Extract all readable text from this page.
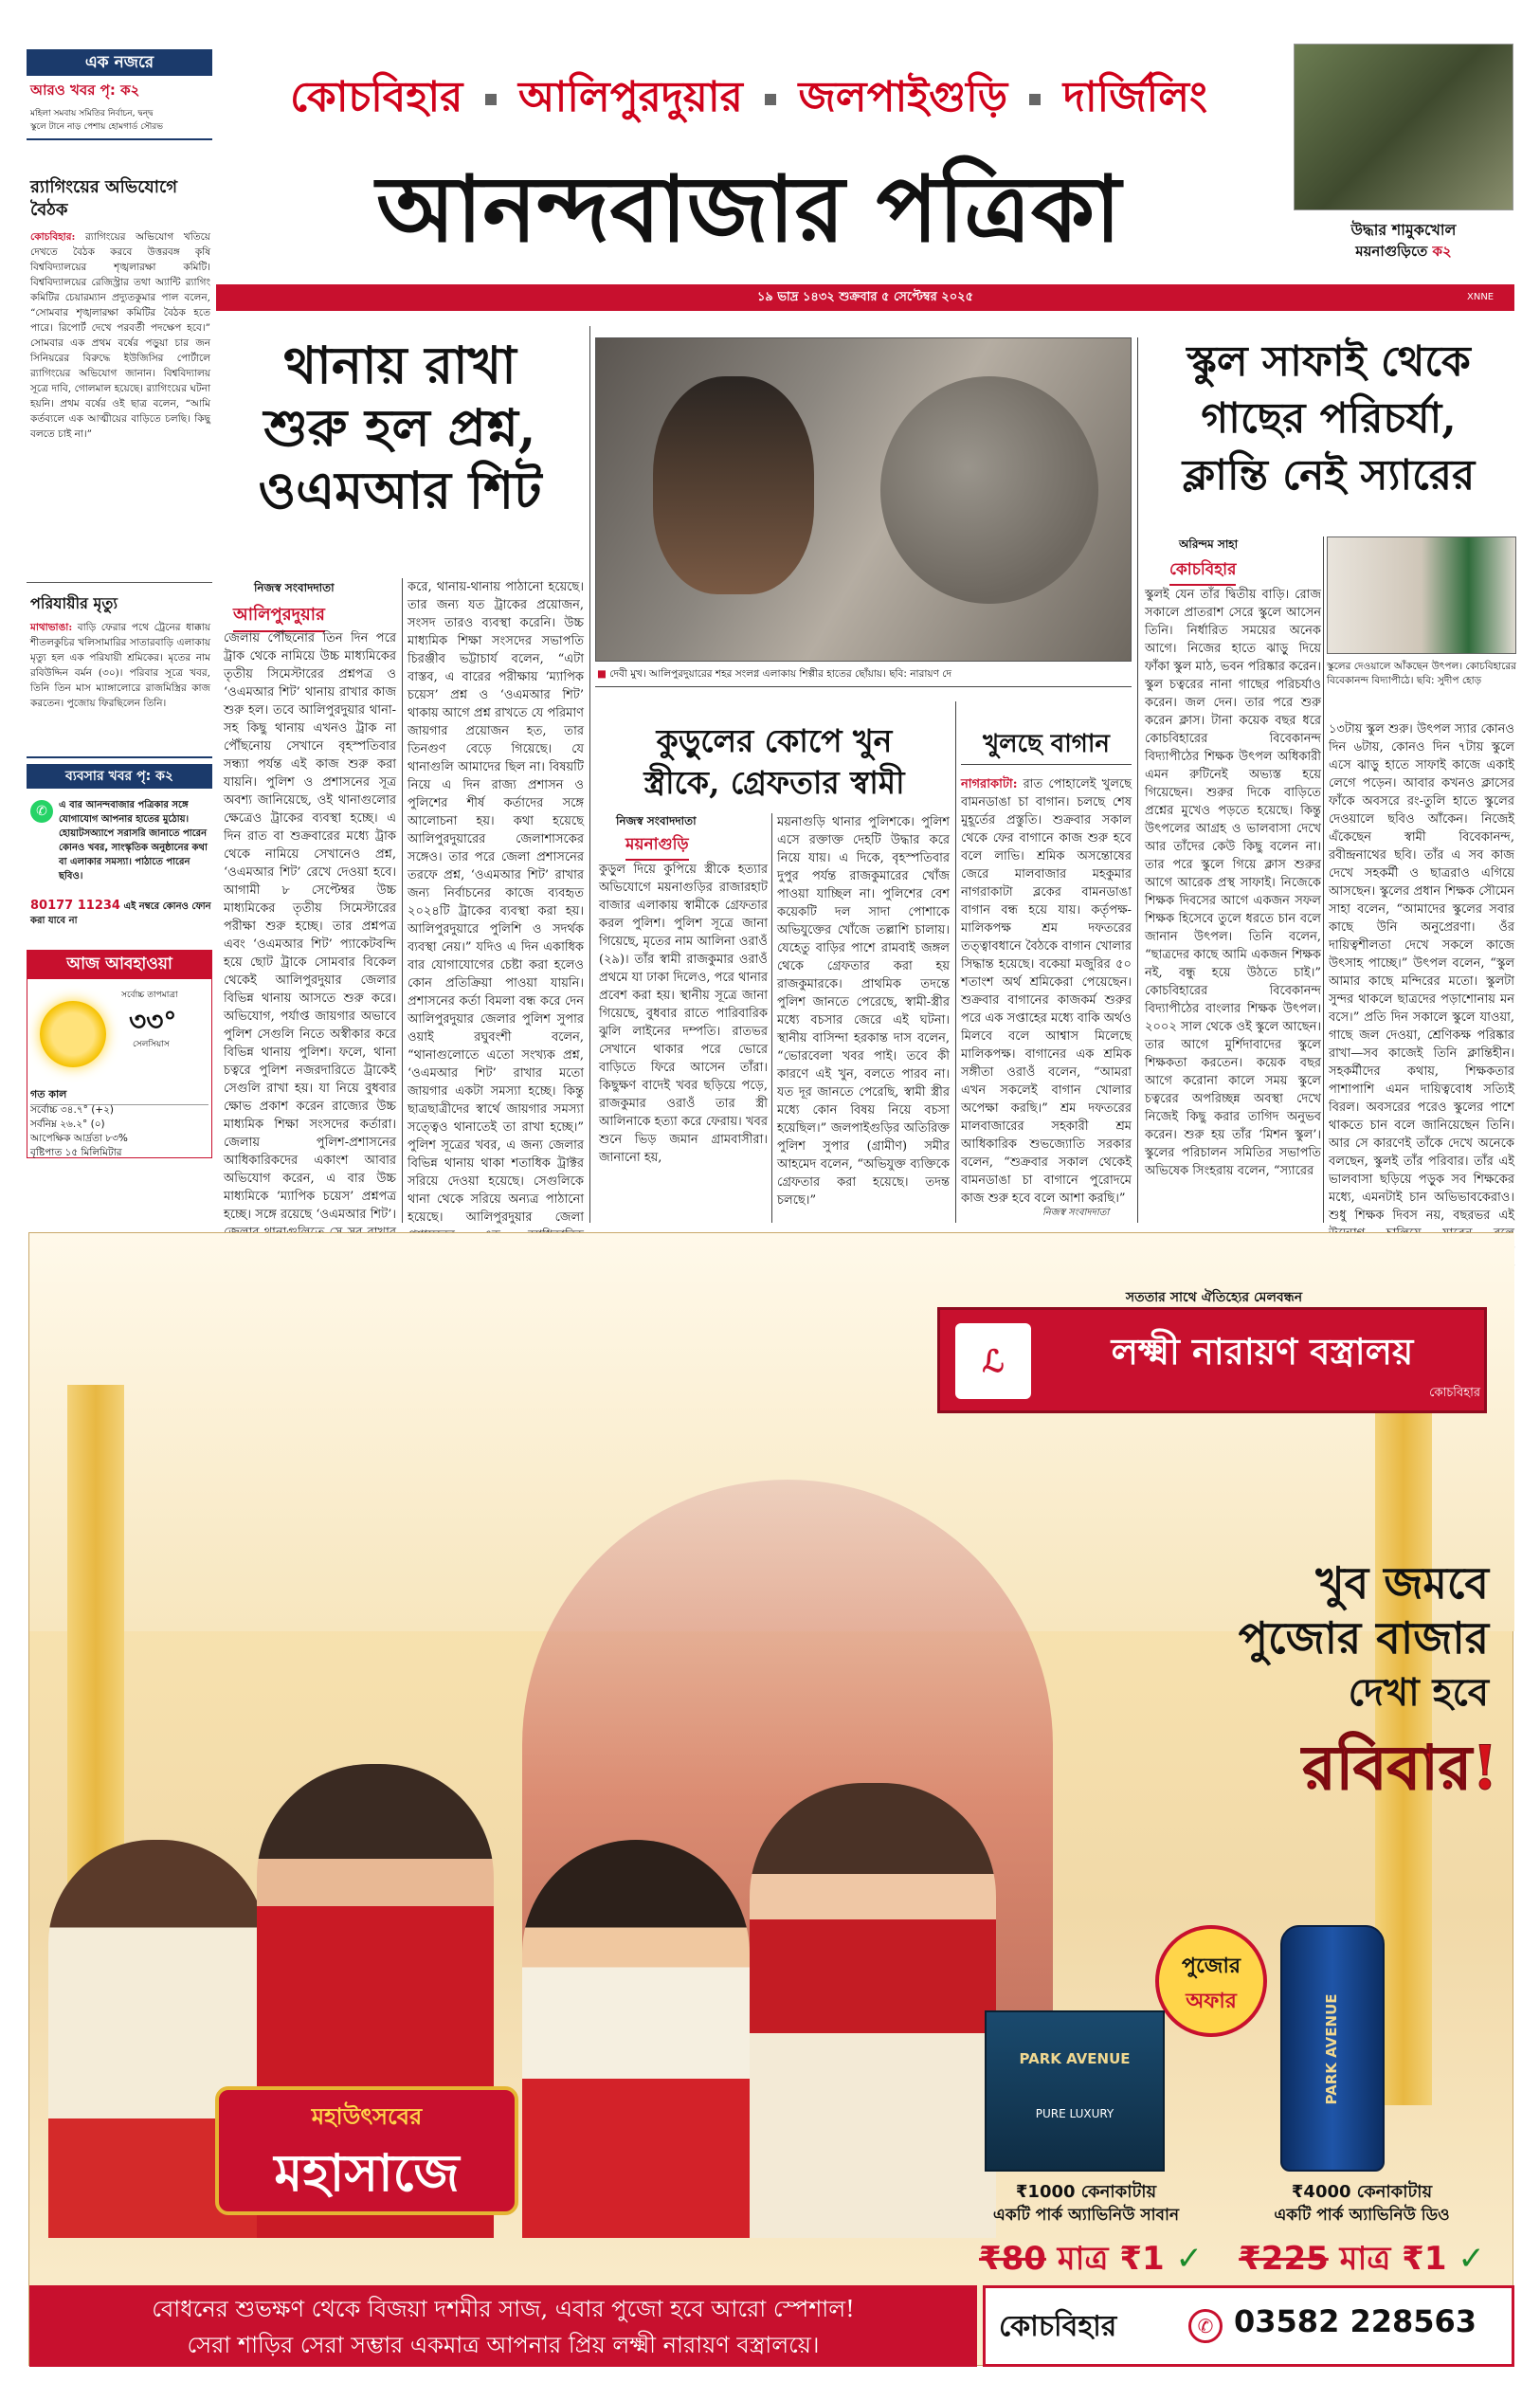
এক নজরে
আরও খবর পৃ: ক২
মহিলা সমবায় সমিতির নির্বাচন, দ্বন্দ্ব
স্কুলে টানে নাড় পেশায় হোমগার্ড সৌরভ
র‍্যাগিংয়ের অভিযোগে বৈঠক
কোচবিহার: র‍্যাগিংয়ের অভিযোগ খতিয়ে দেখতে বৈঠক করবে উত্তরবঙ্গ কৃষি বিশ্ববিদ্যালয়ের শৃঙ্খলারক্ষা কমিটি। বিশ্ববিদ্যালয়ের রেজিস্ট্রার তথা অ্যান্টি র‍্যাগিং কমিটির চেয়ারম্যান প্রদ্যুতকুমার পাল বলেন, “সোমবার শৃঙ্খলারক্ষা কমিটির বৈঠক হতে পারে। রিপোর্ট দেখে পরবর্তী পদক্ষেপ হবে।” সোমবার এক প্রথম বর্ষের পড়ুয়া চার জন সিনিয়রের বিরুদ্ধে ইউজিসির পোর্টালে র‍্যাগিংয়ের অভিযোগ জানান। বিশ্ববিদ্যালয় সূত্রে দাবি, গোলমাল হয়েছে। র‍্যাগিংয়ের ঘটনা হয়নি। প্রথম বর্ষের ওই ছাত্র বলেন, “আমি কর্তব্যলে এক আত্মীয়ের বাড়িতে চলছি। কিছু বলতে চাই না।”
পরিযায়ীর মৃত্যু
মাথাভাঙা: বাড়ি ফেরার পথে ট্রেনের ধাক্কায় শীতলকুচির খলিসামারির সাতারবাড়ি এলাকায় মৃত্যু হল এক পরিযায়ী শ্রমিকের। মৃতের নাম রবিউদ্দিন বর্মন (৩০)। পরিবার সূত্রে খবর, তিনি তিন মাস ম্যাঙ্গালোরে রাজমিস্ত্রির কাজ করতেন। পুজোয় ফিরছিলেন তিনি।
ব্যবসার খবর পৃ: ক২
✆	এ বার আনন্দবাজার পত্রিকার সঙ্গে যোগাযোগ আপনার হাতের মুঠোয়। হোয়াটসঅ্যাপে সরাসরি জানাতে পারেন কোনও খবর, সাংস্কৃতিক অনুষ্ঠানের কথা বা এলাকার সমস্যা। পাঠাতে পারেন ছবিও।
80177 11234 এই নম্বরে কোনও ফোন করা যাবে না
আজ আবহাওয়া
সর্বোচ্চ তাপমাত্রা
৩৩°
সেলসিয়াস
গত কাল
সর্বোচ্চ ৩৪.৭° (+২)
সর্বনিম্ন ২৬.২° (০)
আপেক্ষিক আর্দ্রতা ৮৩%
বৃষ্টিপাত ১৫ মিলিমিটার
কোচবিহার আলিপুরদুয়ার জলপাইগুড়ি দার্জিলিং
আনন্দবাজার পত্রিকা	উদ্ধার শামুকখোল
ময়নাগুড়িতে ক২
১৯ ভাদ্র ১৪৩২ শুক্রবার ৫ সেপ্টেম্বর ২০২৫	XNNE
থানায় রাখা
শুরু হল প্রশ্ন,
ওএমআর শিট
নিজস্ব সংবাদদাতা
আলিপুরদুয়ার
জেলায় পৌঁছনোর তিন দিন পরে ট্রাক থেকে নামিয়ে উচ্চ মাধ্যমিকের তৃতীয় সিমেস্টারের প্রশ্নপত্র ও ‘ওএমআর শিট’ থানায় রাখার কাজ শুরু হল। তবে আলিপুরদুয়ার থানা-সহ কিছু থানায় এখনও ট্রাক না পৌঁছনোয় সেখানে বৃহস্পতিবার সন্ধ্যা পর্যন্ত এই কাজ শুরু করা যায়নি। পুলিশ ও প্রশাসনের সূত্র অবশ্য জানিয়েছে, ওই থানাগুলোর ক্ষেত্রেও ট্রাকের ব্যবস্থা হচ্ছে। এ দিন রাত বা শুক্রবারের মধ্যে ট্রাক থেকে নামিয়ে সেখানেও প্রশ্ন, ‘ওএমআর শিট’ রেখে দেওয়া হবে। আগামী ৮ সেপ্টেম্বর উচ্চ মাধ্যমিকের তৃতীয় সিমেস্টারের পরীক্ষা শুরু হচ্ছে। তার প্রশ্নপত্র এবং ‘ওএমআর শিট’ প্যাকেটবন্দি হয়ে ছোট ট্রাকে সোমবার বিকেল থেকেই আলিপুরদুয়ার জেলার বিভিন্ন থানায় আসতে শুরু করে। অভিযোগ, পর্যাপ্ত জায়গার অভাবে পুলিশ সেগুলি নিতে অস্বীকার করে বিভিন্ন থানায় পুলিশ। ফলে, থানা চত্বরে পুলিশ নজরদারিতে ট্রাকেই সেগুলি রাখা হয়। যা নিয়ে বুধবার ক্ষোভ প্রকাশ করেন রাজ্যের উচ্চ মাধ্যমিক শিক্ষা সংসদের কর্তারা। জেলায় পুলিশ-প্রশাসনের আধিকারিকদের একাংশ আবার অভিযোগ করেন, এ বার উচ্চ মাধ্যমিকে ‘ম্যাপিক চয়েস’ প্রশ্নপত্র হচ্ছে। সঙ্গে রয়েছে ‘ওএমআর শিট’।
করে, থানায়-থানায় পাঠানো হয়েছে। তার জন্য যত ট্রাকের প্রয়োজন, সংসদ তারও ব্যবস্থা করেনি। উচ্চ মাধ্যমিক শিক্ষা সংসদের সভাপতি চিরঞ্জীব ভট্টাচার্য বলেন, “এটা বাস্তব, এ বারের পরীক্ষায় ‘ম্যাপিক চয়েস’ প্রশ্ন ও ‘ওএমআর শিট’ থাকায় আগে প্রশ্ন রাখতে যে পরিমাণ জায়গার প্রয়োজন হত, তার তিনগুণ বেড়ে গিয়েছে। যে থানাগুলি আমাদের ছিল না। বিষয়টি নিয়ে এ দিন রাজ্য প্রশাসন ও পুলিশের শীর্ষ কর্তাদের সঙ্গে আলোচনা হয়। কথা হয়েছে আলিপুরদুয়ারের জেলাশাসকের সঙ্গেও। তার পরে জেলা প্রশাসনের তরফে প্রশ্ন, ‘ওএমআর শিট’ রাখার জন্য নির্বাচনের কাজে ব্যবহৃত ২০২৪টি ট্রাকের ব্যবস্থা করা হয়। আলিপুরদুয়ারে পুলিশি ও সদর্থক ব্যবস্থা নেয়।” যদিও এ দিন একাধিক বার যোগাযোগের চেষ্টা করা হলেও কোন প্রতিক্রিয়া পাওয়া যায়নি। প্রশাসনের কর্তা বিমলা বন্ধ করে দেন আলিপুরদুয়ার জেলার পুলিশ সুপার ওয়াই রঘুবংশী বলেন, “থানাগুলোতে এতো সংখ্যক প্রশ্ন, ‘ওএমআর শিট’ রাখার মতো জায়গার একটা সমস্যা হচ্ছে। কিন্তু ছাত্রছাত্রীদের স্বার্থে জায়গার সমস্যা সত্ত্বেও থানাতেই তা রাখা হচ্ছে।” পুলিশ সূত্রের খবর, এ জন্য জেলার বিভিন্ন থানায় থাকা শতাধিক ট্রাক্টর সরিয়ে দেওয়া হয়েছে। সেগুলিকে থানা থেকে সরিয়ে অন্যত্র পাঠানো হয়েছে। আলিপুরদুয়ার জেলা
■ দেবী মুখ। আলিপুরদুয়ারের শহর সংলগ্ন এলাকায় শিল্পীর হাতের ছোঁয়ায়। ছবি: নারায়ণ দে
কুড়ুলের কোপে খুন
স্ত্রীকে, গ্রেফতার স্বামী
নিজস্ব সংবাদদাতা
ময়নাগুড়ি
কুড়ুল দিয়ে কুপিয়ে স্ত্রীকে হত্যার অভিযোগে ময়নাগুড়ির রাজারহাট বাজার এলাকায় স্বামীকে গ্রেফতার করল পুলিশ। পুলিশ সূত্রে জানা গিয়েছে, মৃতের নাম আলিনা ওরাওঁ (২৯)। তাঁর স্বামী রাজকুমার ওরাওঁ প্রথমে যা ঢাকা দিলেও, পরে থানার প্রবেশ করা হয়। স্থানীয় সূত্রে জানা গিয়েছে, বুধবার রাতে পারিবারিক ঝুলি লাইনের দম্পতি। রাতভর সেখানে থাকার পরে ভোরে বাড়িতে ফিরে আসেন তাঁরা। কিছুক্ষণ বাদেই খবর ছড়িয়ে পড়ে, রাজকুমার ওরাওঁ তার স্ত্রী আলিনাকে হত্যা করে ফেরায়। খবর শুনে ভিড় জমান গ্রামবাসীরা। জানানো হয়,
ময়নাগুড়ি থানার পুলিশকে। পুলিশ এসে রক্তাক্ত দেহটি উদ্ধার করে নিয়ে যায়। এ দিকে, বৃহস্পতিবার দুপুর পর্যন্ত রাজকুমারের খোঁজ পাওয়া যাচ্ছিল না। পুলিশের বেশ কয়েকটি দল সাদা পোশাকে অভিযুক্তের খোঁজে তল্লাশি চালায়। যেহেতু বাড়ির পাশে রামবাই জঙ্গল থেকে গ্রেফতার করা হয় রাজকুমারকে। প্রাথমিক তদন্তে পুলিশ জানতে পেরেছে, স্বামী-স্ত্রীর মধ্যে বচসার জেরে এই ঘটনা। স্থানীয় বাসিন্দা হরকান্ত দাস বলেন, “ভোরবেলা খবর পাই। তবে কী কারণে এই খুন, বলতে পারব না। যত দূর জানতে পেরেছি, স্বামী স্ত্রীর মধ্যে কোন বিষয় নিয়ে বচসা হয়েছিল।” জলপাইগুড়ির অতিরিক্ত পুলিশ সুপার (গ্রামীণ) সমীর আহমেদ বলেন, “অভিযুক্ত ব্যক্তিকে গ্রেফতার করা হয়েছে। তদন্ত চলছে।”
খুলছে বাগান
নাগরাকাটা: রাত পোহালেই খুলছে বামনডাঙা চা বাগান। চলছে শেষ মুহূর্তের প্রস্তুতি। শুক্রবার সকাল থেকে ফের বাগানে কাজ শুরু হবে বলে লাভি। শ্রমিক অসন্তোষের জেরে মালবাজার মহকুমার নাগরাকাটা ব্লকের বামনডাঙা বাগান বন্ধ হয়ে যায়। কর্তৃপক্ষ-মালিকপক্ষ শ্রম দফতরের তত্ত্বাবধানে বৈঠকে বাগান খোলার সিদ্ধান্ত হয়েছে। বকেয়া মজুরির ৫০ শতাংশ অর্থ শ্রমিকেরা পেয়েছেন। শুক্রবার বাগানের কাজকর্ম শুরুর পরে এক সপ্তাহের মধ্যে বাকি অর্থও মিলবে বলে আশ্বাস মিলেছে মালিকপক্ষ। বাগানের এক শ্রমিক সঙ্গীতা ওরাওঁ বলেন, “আমরা এখন সকলেই বাগান খোলার অপেক্ষা করছি।” শ্রম দফতরের মালবাজারের সহকারী শ্রম আধিকারিক শুভজ্যোতি সরকার বলেন, “শুক্রবার সকাল থেকেই বামনডাঙা চা বাগানে পুরোদমে কাজ শুরু হবে বলে আশা করছি।”
নিজস্ব সংবাদদাতা
স্কুল সাফাই থেকে
গাছের পরিচর্যা,
ক্লান্তি নেই স্যারের
অরিন্দম সাহা
কোচবিহার
স্কুলের দেওয়ালে আঁকছেন উৎপল। কোচবিহারের বিবেকানন্দ বিদ্যাপীঠে। ছবি: সুদীপ হোড়
স্কুলই যেন তাঁর দ্বিতীয় বাড়ি। রোজ সকালে প্রাতরাশ সেরে স্কুলে আসেন তিনি। নির্ধারিত সময়ের অনেক আগে। নিজের হাতে ঝাড়ু দিয়ে ফাঁকা স্কুল মাঠ, ভবন পরিষ্কার করেন। স্কুল চত্বরের নানা গাছের পরিচর্যাও করেন। জল দেন। তার পরে শুরু করেন ক্লাস। টানা কয়েক বছর ধরে কোচবিহারের বিবেকানন্দ বিদ্যাপীঠের শিক্ষক উৎপল অধিকারী এমন রুটিনেই অভ্যস্ত হয়ে গিয়েছেন। শুরুর দিকে বাড়িতে প্রশ্নের মুখেও পড়তে হয়েছে। কিন্তু উৎপলের আগ্রহ ও ভালবাসা দেখে আর তাঁদের কেউ কিছু বলেন না। তার পরে স্কুলে গিয়ে ক্লাস শুরুর আগে আরেক প্রস্থ সাফাই। নিজেকে শিক্ষক দিবসের আগে একজন সফল শিক্ষক হিসেবে তুলে ধরতে চান বলে জানান উৎপল। তিনি বলেন, “ছাত্রদের কাছে আমি একজন শিক্ষক নই, বন্ধু হয়ে উঠতে চাই।” কোচবিহারের বিবেকানন্দ বিদ্যাপীঠের বাংলার শিক্ষক উৎপল। ২০০২ সাল থেকে ওই স্কুলে আছেন। তার আগে মুর্শিদাবাদের স্কুলে শিক্ষকতা করতেন। কয়েক বছর আগে করোনা কালে সময় স্কুলে চত্বরের অপরিচ্ছন্ন অবস্থা দেখে নিজেই কিছু করার তাগিদ অনুভব করেন। শুরু হয় তাঁর ‘মিশন স্কুল’। স্কুলের পরিচালন সমিতির সভাপতি অভিষেক সিংহরায় বলেন, “স্যারের
১৩টায় স্কুল শুরু। উৎপল স্যার কোনও দিন ৬টায়, কোনও দিন ৭টায় স্কুলে এসে ঝাড়ু হাতে সাফাই কাজে একাই লেগে পড়েন। আবার কখনও ক্লাসের ফাঁকে অবসরে রং-তুলি হাতে স্কুলের দেওয়ালে ছবিও আঁকেন। নিজেই এঁকেছেন স্বামী বিবেকানন্দ, রবীন্দ্রনাথের ছবি। তাঁর এ সব কাজ দেখে সহকর্মী ও ছাত্ররাও এগিয়ে আসছেন। স্কুলের প্রধান শিক্ষক সৌমেন সাহা বলেন, “আমাদের স্কুলের সবার কাছে উনি অনুপ্রেরণা। ওঁর দায়িত্বশীলতা দেখে সকলে কাজে উৎসাহ পাচ্ছে।” উৎপল বলেন, “স্কুল আমার কাছে মন্দিরের মতো। স্কুলটা সুন্দর থাকলে ছাত্রদের পড়াশোনায় মন বসে।” প্রতি দিন সকালে স্কুলে যাওয়া, গাছে জল দেওয়া, শ্রেণিকক্ষ পরিষ্কার রাখা—সব কাজেই তিনি ক্লান্তিহীন। সহকর্মীদের কথায়, শিক্ষকতার পাশাপাশি এমন দায়িত্ববোধ সত্যিই বিরল। অবসরের পরেও স্কুলের পাশে থাকতে চান বলে জানিয়েছেন তিনি। আর সে কারণেই তাঁকে দেখে অনেকে বলছেন, স্কুলই তাঁর পরিবার। তাঁর এই ভালবাসা ছড়িয়ে পড়ুক সব শিক্ষকের মধ্যে, এমনটাই চান অভিভাবকেরাও। শুধু শিক্ষক দিবস নয়, বছরভর এই
সততার সাথে ঐতিহ্যের মেলবন্ধন
ℒ	লক্ষ্মী নারায়ণ বস্ত্রালয়
কোচবিহার
খুব জমবে
পুজোর বাজার
দেখা হবে
রবিবার!
মহাউৎসবের
মহাসাজে
পুজোর
অফার
PARK AVENUE
PURE LUXURY
PARK AVENUE
₹1000 কেনাকাটায়
একটি পার্ক অ্যাভিনিউ সাবান
₹80 মাত্র ₹1 ✓
₹4000 কেনাকাটায়
একটি পার্ক অ্যাভিনিউ ডিও
₹225 মাত্র ₹1 ✓
বোধনের শুভক্ষণ থেকে বিজয়া দশমীর সাজ, এবার পুজো হবে আরো স্পেশাল!
সেরা শাড়ির সেরা সম্ভার একমাত্র আপনার প্রিয় লক্ষ্মী নারায়ণ বস্ত্রালয়ে।
কোচবিহার	✆ 03582 228563
